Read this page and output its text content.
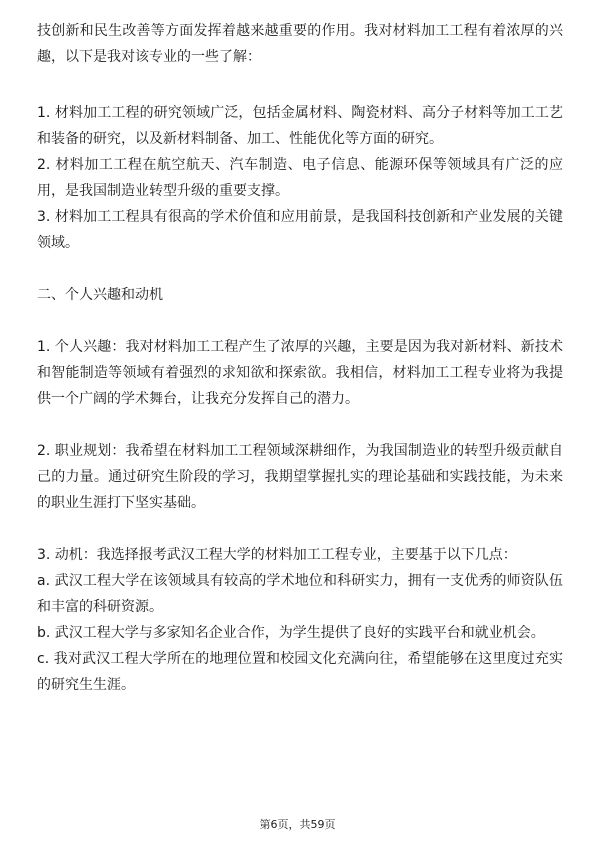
技创新和民生改善等方面发挥着越来越重要的作用。我对材料加工工程有着浓厚的兴趣，以下是我对该专业的一些了解：

1. 材料加工工程的研究领域广泛，包括金属材料、陶瓷材料、高分子材料等加工工艺和装备的研究，以及新材料制备、加工、性能优化等方面的研究。

2. 材料加工工程在航空航天、汽车制造、电子信息、能源环保等领域具有广泛的应用，是我国制造业转型升级的重要支撑。

3. 材料加工工程具有很高的学术价值和应用前景，是我国科技创新和产业发展的关键领域。

二、个人兴趣和动机

1. 个人兴趣：我对材料加工工程产生了浓厚的兴趣，主要是因为我对新材料、新技术和智能制造等领域有着强烈的求知欲和探索欲。我相信，材料加工工程专业将为我提供一个广阔的学术舞台，让我充分发挥自己的潜力。

2. 职业规划：我希望在材料加工工程领域深耕细作，为我国制造业的转型升级贡献自己的力量。通过研究生阶段的学习，我期望掌握扎实的理论基础和实践技能，为未来的职业生涯打下坚实基础。

3. 动机：我选择报考武汉工程大学的材料加工工程专业，主要基于以下几点：

a. 武汉工程大学在该领域具有较高的学术地位和科研实力，拥有一支优秀的师资队伍和丰富的科研资源。

b. 武汉工程大学与多家知名企业合作，为学生提供了良好的实践平台和就业机会。

c. 我对武汉工程大学所在的地理位置和校园文化充满向往，希望能够在这里度过充实的研究生生涯。

第6页，共59页
